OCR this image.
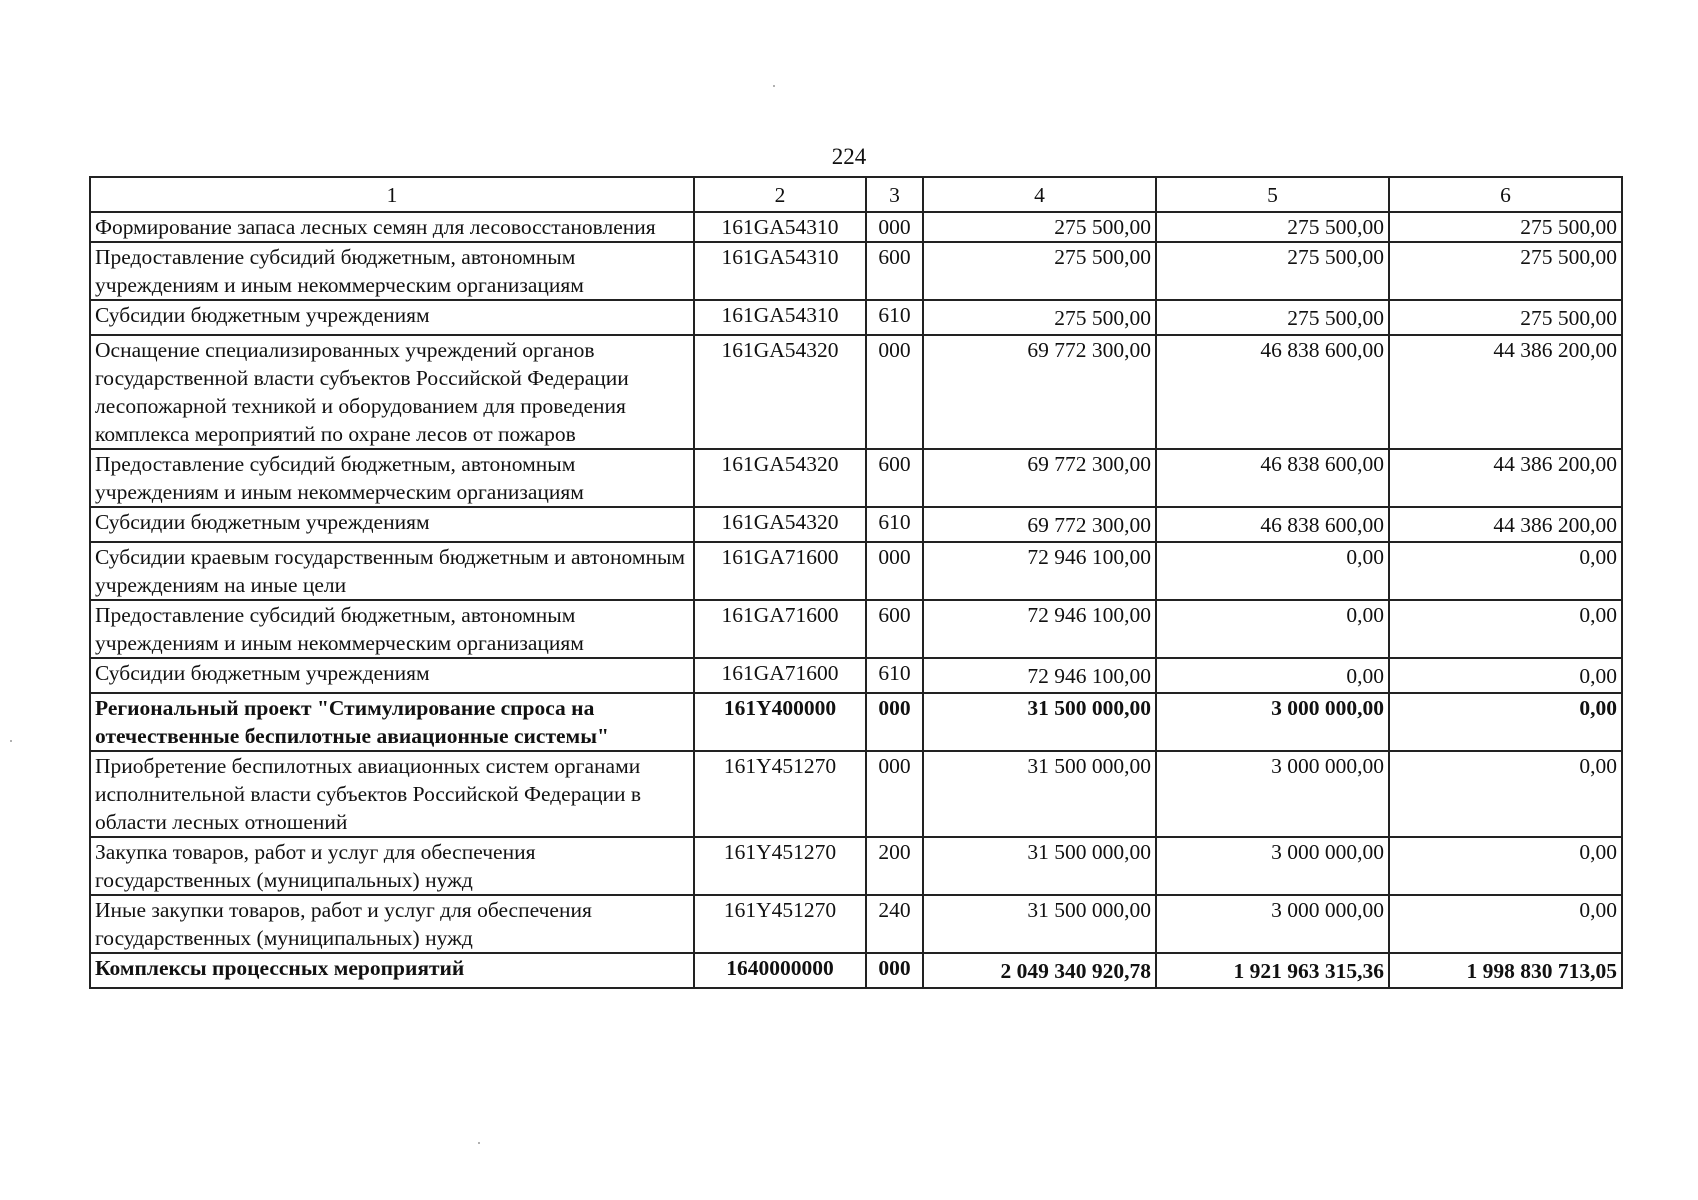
224
1	2	3	4	5	6
Формирование запаса лесных семян для лесовосстановления	161GA54310	000	275 500,00	275 500,00	275 500,00
Предоставление субсидий бюджетным, автономным учреждениям и иным некоммерческим организациям	161GA54310	600	275 500,00	275 500,00	275 500,00
Субсидии бюджетным учреждениям	161GA54310	610	275 500,00	275 500,00	275 500,00
Оснащение специализированных учреждений органов государственной власти субъектов Российской Федерации лесопожарной техникой и оборудованием для проведения комплекса мероприятий по охране лесов от пожаров	161GA54320	000	69 772 300,00	46 838 600,00	44 386 200,00
Предоставление субсидий бюджетным, автономным учреждениям и иным некоммерческим организациям	161GA54320	600	69 772 300,00	46 838 600,00	44 386 200,00
Субсидии бюджетным учреждениям	161GA54320	610	69 772 300,00	46 838 600,00	44 386 200,00
Субсидии краевым государственным бюджетным и автономным учреждениям на иные цели	161GA71600	000	72 946 100,00	0,00	0,00
Предоставление субсидий бюджетным, автономным учреждениям и иным некоммерческим организациям	161GA71600	600	72 946 100,00	0,00	0,00
Субсидии бюджетным учреждениям	161GA71600	610	72 946 100,00	0,00	0,00
Региональный проект "Стимулирование спроса на отечественные беспилотные авиационные системы"	161Y400000	000	31 500 000,00	3 000 000,00	0,00
Приобретение беспилотных авиационных систем органами исполнительной власти субъектов Российской Федерации в области лесных отношений	161Y451270	000	31 500 000,00	3 000 000,00	0,00
Закупка товаров, работ и услуг для обеспечения государственных (муниципальных) нужд	161Y451270	200	31 500 000,00	3 000 000,00	0,00
Иные закупки товаров, работ и услуг для обеспечения государственных (муниципальных) нужд	161Y451270	240	31 500 000,00	3 000 000,00	0,00
Комплексы процессных мероприятий	1640000000	000	2 049 340 920,78	1 921 963 315,36	1 998 830 713,05
